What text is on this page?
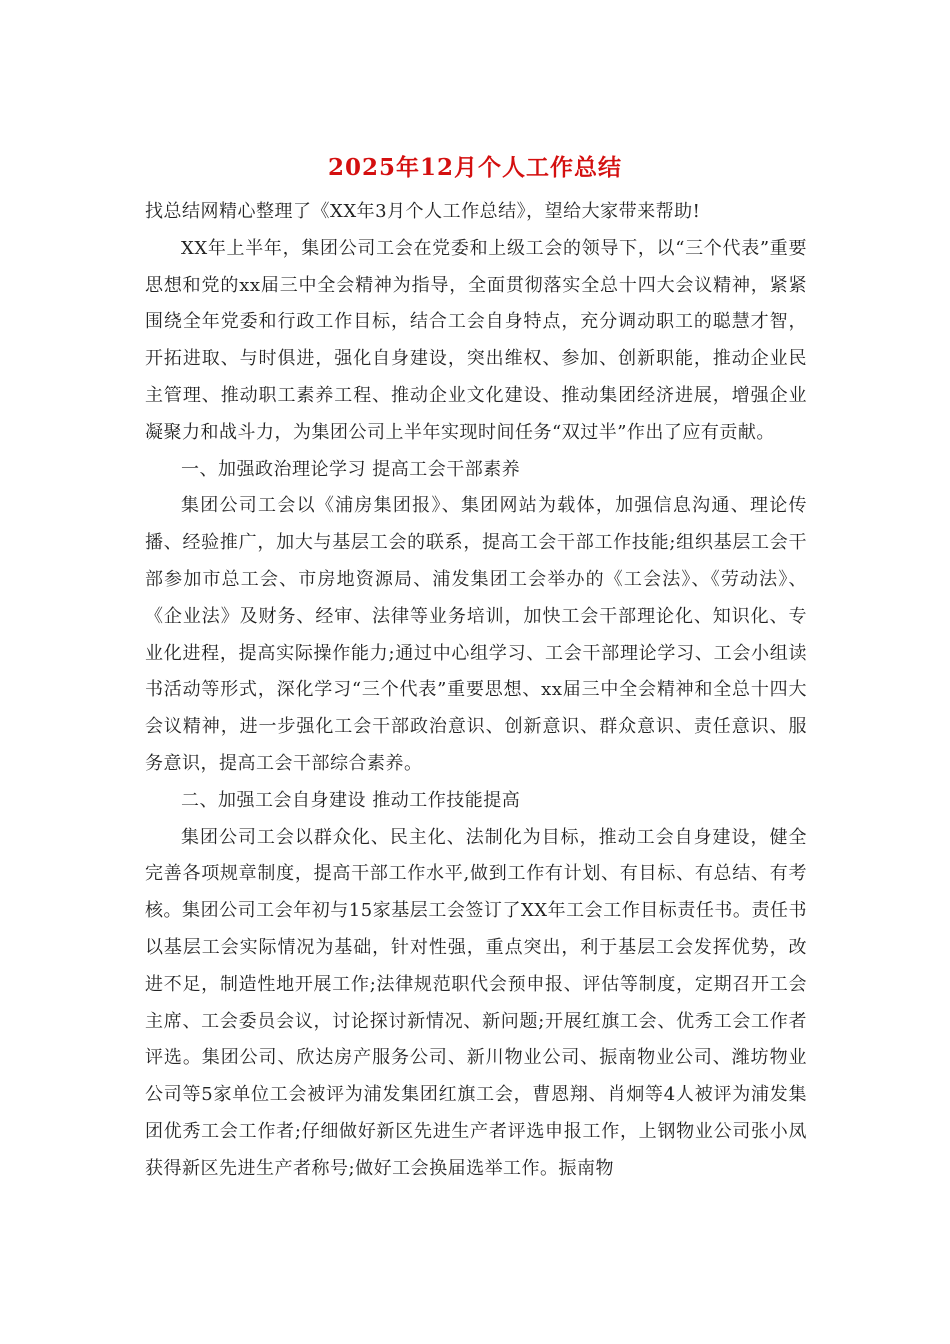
2025年12月个人工作总结

找总结网精心整理了《XX年3月个人工作总结》，望给大家带来帮助!

XX年上半年，集团公司工会在党委和上级工会的领导下，以“三个代表”重要思想和党的xx届三中全会精神为指导，全面贯彻落实全总十四大会议精神，紧紧围绕全年党委和行政工作目标，结合工会自身特点，充分调动职工的聪慧才智，开拓进取、与时俱进，强化自身建设，突出维权、参加、创新职能，推动企业民主管理、推动职工素养工程、推动企业文化建设、推动集团经济进展，增强企业凝聚力和战斗力，为集团公司上半年实现时间任务“双过半”作出了应有贡献。

一、加强政治理论学习 提高工会干部素养

集团公司工会以《浦房集团报》、集团网站为载体，加强信息沟通、理论传播、经验推广，加大与基层工会的联系，提高工会干部工作技能;组织基层工会干部参加市总工会、市房地资源局、浦发集团工会举办的《工会法》、《劳动法》、《企业法》及财务、经审、法律等业务培训，加快工会干部理论化、知识化、专业化进程，提高实际操作能力;通过中心组学习、工会干部理论学习、工会小组读书活动等形式，深化学习“三个代表”重要思想、xx届三中全会精神和全总十四大会议精神，进一步强化工会干部政治意识、创新意识、群众意识、责任意识、服务意识，提高工会干部综合素养。

二、加强工会自身建设 推动工作技能提高

集团公司工会以群众化、民主化、法制化为目标，推动工会自身建设，健全完善各项规章制度，提高干部工作水平,做到工作有计划、有目标、有总结、有考核。集团公司工会年初与15家基层工会签订了XX年工会工作目标责任书。责任书以基层工会实际情况为基础，针对性强，重点突出，利于基层工会发挥优势，改进不足，制造性地开展工作;法律规范职代会预申报、评估等制度，定期召开工会主席、工会委员会议，讨论探讨新情况、新问题;开展红旗工会、优秀工会工作者评选。集团公司、欣达房产服务公司、新川物业公司、振南物业公司、潍坊物业公司等5家单位工会被评为浦发集团红旗工会，曹恩翔、肖炯等4人被评为浦发集团优秀工会工作者;仔细做好新区先进生产者评选申报工作，上钢物业公司张小凤获得新区先进生产者称号;做好工会换届选举工作。振南物
